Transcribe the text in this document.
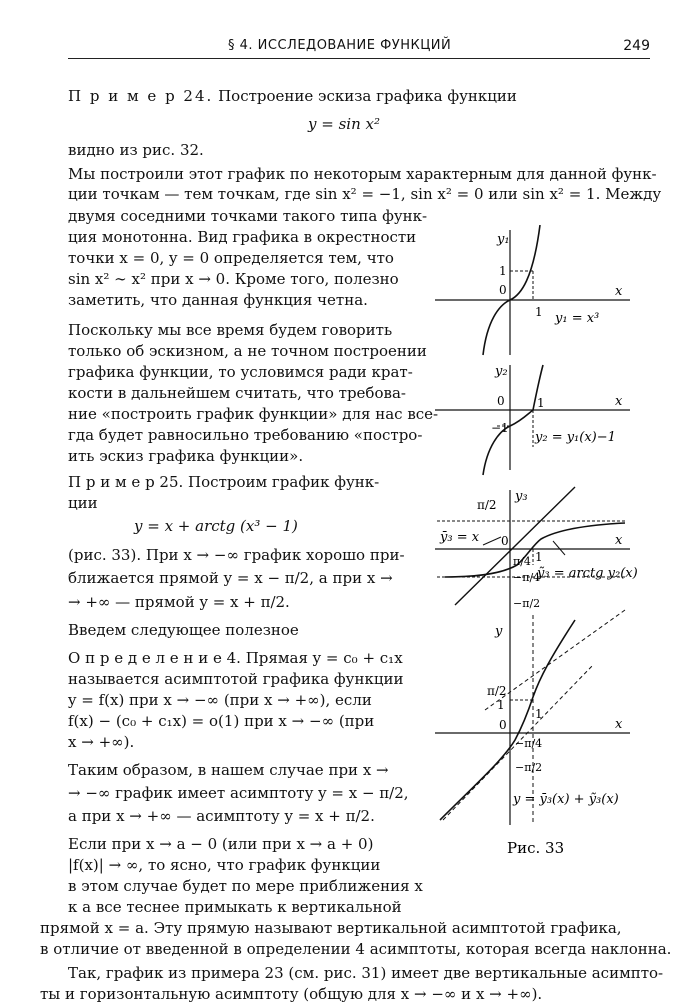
§ 4. ИССЛЕДОВАНИЕ ФУНКЦИЙ	249
П р и м е р 24. Построение эскиза графика функции
y = sin x²
видно из рис. 32.
Мы построили этот график по некоторым характерным для данной функ-
ции точкам — тем точкам, где sin x² = −1, sin x² = 0 или sin x² = 1. Между
двумя соседними точками такого типа функ-
ция монотонна. Вид графика в окрестности
точки x = 0, y = 0 определяется тем, что
sin x² ∼ x² при x → 0. Кроме того, полезно
заметить, что данная функция четна.
Поскольку мы все время будем говорить
только об эскизном, а не точном построении
графика функции, то условимся ради крат-
кости в дальнейшем считать, что требова-
ние «построить график функции» для нас все-
гда будет равносильно требованию «постро-
ить эскиз графика функции».
П р и м е р 25. Построим график функ-
ции
y = x + arctg (x³ − 1)
(рис. 33). При x → −∞ график хорошо при-
ближается прямой y = x − π/2, а при x →
→ +∞ — прямой y = x + π/2.
Введем следующее полезное
О п р е д е л е н и е 4. Прямая y = c₀ + c₁x
называется асимптотой графика функции
y = f(x) при x → −∞ (при x → +∞), если
f(x) − (c₀ + c₁x) = o(1) при x → −∞ (при
x → +∞).
Таким образом, в нашем случае при x →
→ −∞ график имеет асимптоту y = x − π/2,
а при x → +∞ — асимптоту y = x + π/2.
Если при x → a − 0 (или при x → a + 0)
|f(x)| → ∞, то ясно, что график функции
в этом случае будет по мере приближения x
к a все теснее примыкать к вертикальной
прямой x = a. Эту прямую называют вертикальной асимптотой графика,
в отличие от введенной в определении 4 асимптоты, которая всегда наклонна.
Так, график из примера 23 (см. рис. 31) имеет две вертикальные асимпто-
ты и горизонтальную асимптоту (общую для x → −∞ и x → +∞).
y₁
x
1
0
1 y₁ = x³
y₂
x
0	1
−1
y₂ = y₁(x)−1
y₃
x
π/2
0
1
π/4
−π/4
−π/2
ȳ₃ = x
ỹ₃ = arctg y₂(x)
y
x
π/2
1
0
1
−π/4
−π/2
y = ȳ₃(x) + ỹ₃(x)
Рис. 33
